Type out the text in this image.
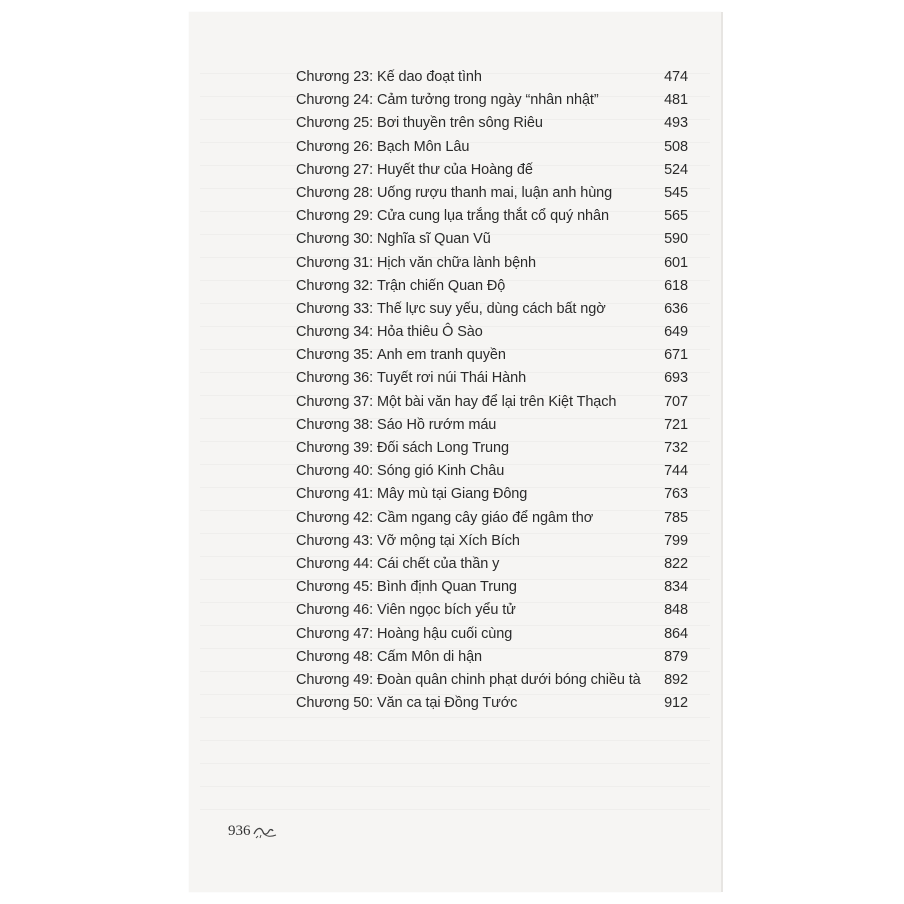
Chương 23: Kế dao đoạt tình	474
Chương 24: Cảm tưởng trong ngày “nhân nhật”	481
Chương 25: Bơi thuyền trên sông Riêu	493
Chương 26: Bạch Môn Lâu	508
Chương 27: Huyết thư của Hoàng đế	524
Chương 28: Uống rượu thanh mai, luận anh hùng	545
Chương 29: Cửa cung lụa trắng thắt cổ quý nhân	565
Chương 30: Nghĩa sĩ Quan Vũ	590
Chương 31: Hịch văn chữa lành bệnh	601
Chương 32: Trận chiến Quan Độ	618
Chương 33: Thế lực suy yếu, dùng cách bất ngờ	636
Chương 34: Hỏa thiêu Ô Sào	649
Chương 35: Anh em tranh quyền	671
Chương 36: Tuyết rơi núi Thái Hành	693
Chương 37: Một bài văn hay để lại trên Kiệt Thạch	707
Chương 38: Sáo Hồ rướm máu	721
Chương 39: Đối sách Long Trung	732
Chương 40: Sóng gió Kinh Châu	744
Chương 41: Mây mù tại Giang Đông	763
Chương 42: Cầm ngang cây giáo để ngâm thơ	785
Chương 43: Vỡ mộng tại Xích Bích	799
Chương 44: Cái chết của thần y	822
Chương 45: Bình định Quan Trung	834
Chương 46: Viên ngọc bích yểu tử	848
Chương 47: Hoàng hậu cuối cùng	864
Chương 48: Cấm Môn di hận	879
Chương 49: Đoàn quân chinh phạt dưới bóng chiều tà 892
Chương 50: Văn ca tại Đồng Tước	912
936
